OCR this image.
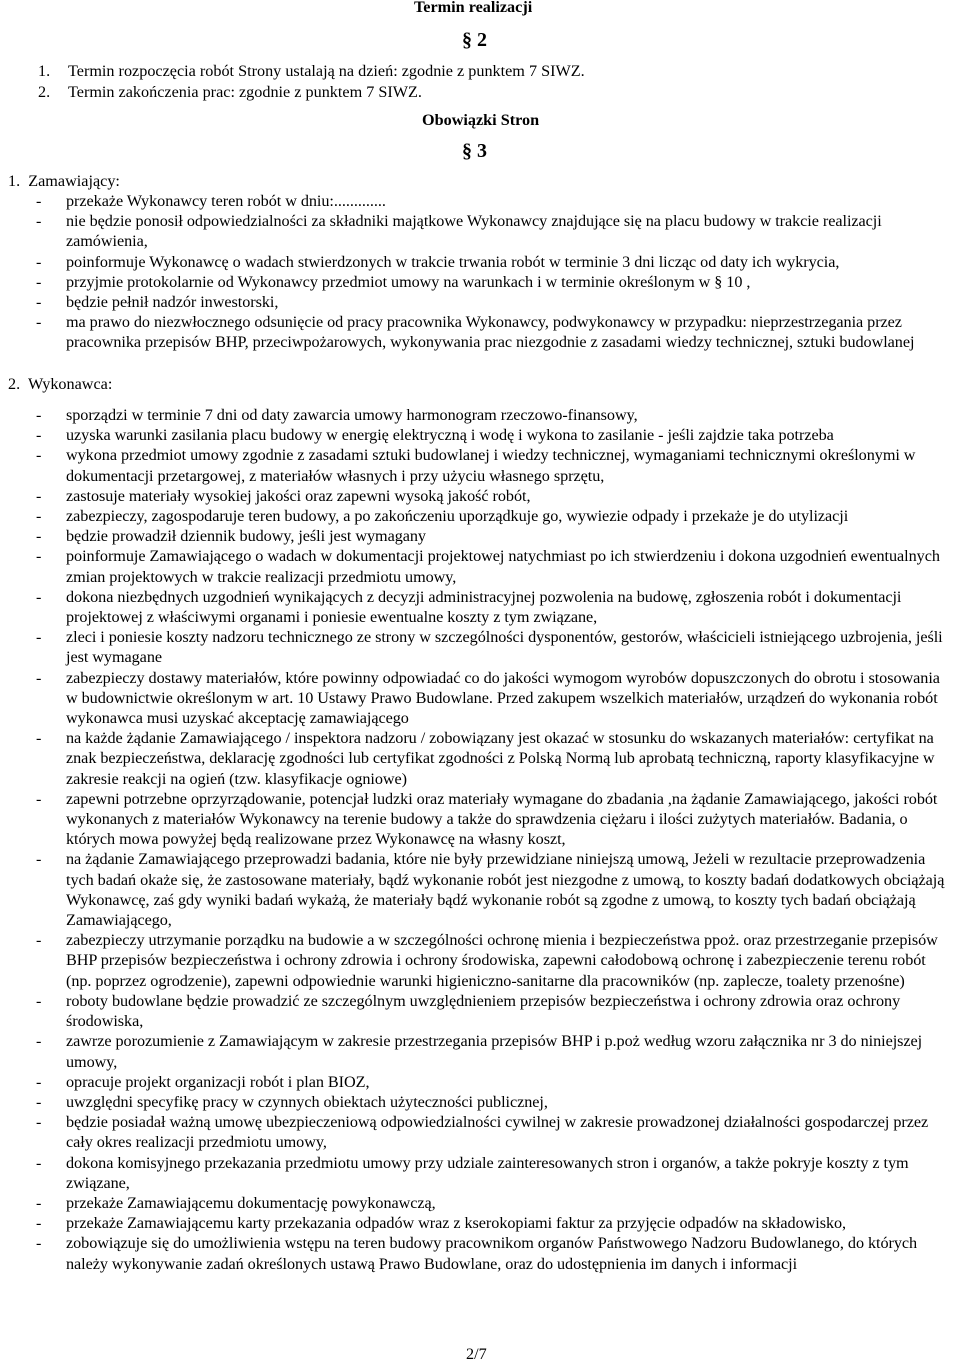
Termin realizacji
§ 2
1. Termin rozpoczęcia robót Strony ustalają na dzień: zgodnie z punktem 7 SIWZ.
2. Termin zakończenia prac: zgodnie z punktem 7 SIWZ.
Obowiązki Stron
§ 3
1.  Zamawiający:
- przekaże Wykonawcy teren robót w dniu:.............
- nie będzie ponosił odpowiedzialności za składniki majątkowe Wykonawcy znajdujące się na placu budowy w trakcie realizacji zamówienia,
- poinformuje Wykonawcę o wadach stwierdzonych w trakcie trwania robót w terminie 3 dni licząc od daty ich wykrycia,
- przyjmie protokolarnie od Wykonawcy przedmiot umowy na warunkach i w terminie określonym w § 10 ,
- będzie pełnił nadzór inwestorski,
- ma prawo do niezwłocznego odsunięcie od pracy pracownika Wykonawcy, podwykonawcy w przypadku: nieprzestrzegania przez pracownika przepisów BHP, przeciwpożarowych, wykonywania prac niezgodnie z zasadami wiedzy technicznej, sztuki budowlanej
2.  Wykonawca:
- sporządzi w terminie 7 dni od daty zawarcia umowy harmonogram rzeczowo-finansowy,
- uzyska warunki zasilania placu budowy w energię elektryczną i wodę i wykona to zasilanie - jeśli zajdzie taka potrzeba
- wykona przedmiot umowy zgodnie z zasadami sztuki budowlanej i wiedzy technicznej, wymaganiami technicznymi określonymi w dokumentacji przetargowej, z materiałów własnych i przy użyciu własnego sprzętu,
- zastosuje materiały wysokiej jakości oraz zapewni wysoką jakość robót,
- zabezpieczy, zagospodaruje teren budowy, a po zakończeniu uporządkuje go, wywiezie odpady i przekaże je do utylizacji
- będzie prowadził dziennik budowy, jeśli jest wymagany
- poinformuje Zamawiającego o wadach w dokumentacji projektowej natychmiast po ich stwierdzeniu i dokona uzgodnień ewentualnych zmian projektowych w trakcie realizacji przedmiotu umowy,
- dokona niezbędnych uzgodnień wynikających z decyzji administracyjnej pozwolenia na budowę, zgłoszenia robót i dokumentacji projektowej z właściwymi organami i poniesie ewentualne koszty z tym związane,
- zleci i poniesie koszty nadzoru technicznego ze strony w szczególności dysponentów, gestorów, właścicieli istniejącego uzbrojenia, jeśli jest wymagane
- zabezpieczy dostawy materiałów, które powinny odpowiadać co do jakości wymogom wyrobów dopuszczonych do obrotu i stosowania w budownictwie określonym w art. 10 Ustawy Prawo Budowlane. Przed zakupem wszelkich materiałów, urządzeń do wykonania robót wykonawca musi uzyskać akceptację zamawiającego
- na każde żądanie Zamawiającego / inspektora nadzoru / zobowiązany jest okazać w stosunku do wskazanych materiałów: certyfikat na znak bezpieczeństwa, deklarację zgodności lub certyfikat zgodności z Polską Normą lub aprobatą techniczną, raporty klasyfikacyjne w zakresie reakcji na ogień (tzw. klasyfikacje ogniowe)
- zapewni potrzebne oprzyrządowanie, potencjał ludzki oraz materiały wymagane do zbadania ,na żądanie Zamawiającego, jakości robót wykonanych z materiałów Wykonawcy na terenie budowy a także do sprawdzenia ciężaru i ilości zużytych materiałów. Badania, o których mowa powyżej będą realizowane przez Wykonawcę na własny koszt,
- na żądanie Zamawiającego przeprowadzi badania, które nie były przewidziane niniejszą umową, Jeżeli w rezultacie przeprowadzenia tych badań okaże się, że zastosowane materiały, bądź wykonanie robót jest niezgodne z umową, to koszty badań dodatkowych obciążają Wykonawcę, zaś gdy wyniki badań wykażą, że materiały bądź wykonanie robót są zgodne z umową, to koszty tych badań obciążają Zamawiającego,
- zabezpieczy utrzymanie porządku na budowie a w szczególności ochronę mienia i bezpieczeństwa ppoż. oraz przestrzeganie przepisów BHP przepisów bezpieczeństwa i ochrony zdrowia i ochrony środowiska, zapewni całodobową ochronę i zabezpieczenie terenu robót (np. poprzez ogrodzenie), zapewni odpowiednie warunki higieniczno-sanitarne dla pracowników (np. zaplecze, toalety przenośne)
- roboty budowlane będzie prowadzić ze szczególnym uwzględnieniem przepisów bezpieczeństwa i ochrony zdrowia oraz ochrony środowiska,
- zawrze porozumienie z Zamawiającym w zakresie przestrzegania przepisów BHP i p.poż według wzoru załącznika nr 3 do niniejszej umowy,
- opracuje projekt organizacji robót i plan BIOZ,
- uwzględni specyfikę pracy w czynnych obiektach użyteczności publicznej,
- będzie posiadał ważną umowę ubezpieczeniową odpowiedzialności cywilnej w zakresie prowadzonej działalności gospodarczej przez cały okres realizacji przedmiotu umowy,
- dokona komisyjnego przekazania przedmiotu umowy przy udziale zainteresowanych stron i organów, a także pokryje koszty z tym związane,
- przekaże Zamawiającemu dokumentację powykonawczą,
- przekaże Zamawiającemu karty przekazania odpadów wraz z kserokopiami faktur za przyjęcie odpadów na składowisko,
- zobowiązuje się do umożliwienia wstępu na teren budowy pracownikom organów Państwowego Nadzoru Budowlanego, do których należy wykonywanie zadań określonych ustawą Prawo Budowlane, oraz do udostępnienia im danych i informacji
2/7
